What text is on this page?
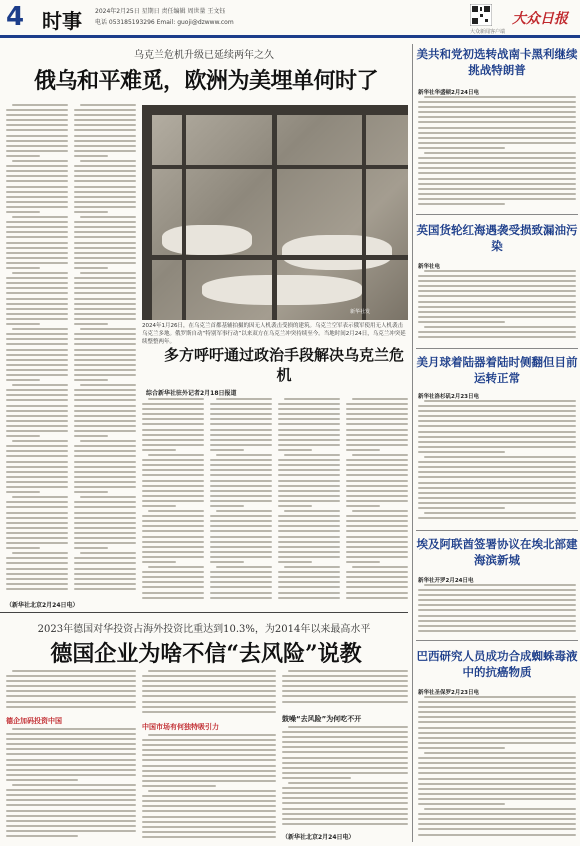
4 时事 2024年2月25日 星期日 责任编辑 周世量 王文钰
电话 053185193296 Email: guoji@dzwww.com
大众新闻客户端
大众日报
乌克兰危机升级已延续两年之久
俄乌和平难觅，欧洲为美埋单何时了
新华社发
2024年1月26日，在乌克兰首都基辅拍摄的因无人机袭击受损的建筑。乌克兰空军表示俄军使用无人机袭击乌克兰多地。俄罗斯自动“特别军事行动”以来双方在乌克兰冲突持续至今。当地时间2月24日，乌克兰冲突延续整整两年。
多方呼吁通过政治手段解决乌克兰危机
综合新华社驻外记者2月18日报道
（新华社北京2月24日电）
2023年德国对华投资占海外投资比重达到10.3%，为2014年以来最高水平
德国企业为啥不信“去风险”说教
德企加码投资中国
中国市场有何独特吸引力
鼓噪“去风险”为何吃不开
（新华社北京2月24日电）
美共和党初选转战南卡黑利继续挑战特朗普
新华社华盛顿2月24日电
英国货轮红海遇袭受损致漏油污染
新华社电
美月球着陆器着陆时侧翻但目前运转正常
新华社洛杉矶2月23日电
埃及阿联酋签署协议在埃北部建海滨新城
新华社开罗2月24日电
巴西研究人员成功合成蜘蛛毒液中的抗癌物质
新华社圣保罗2月23日电
